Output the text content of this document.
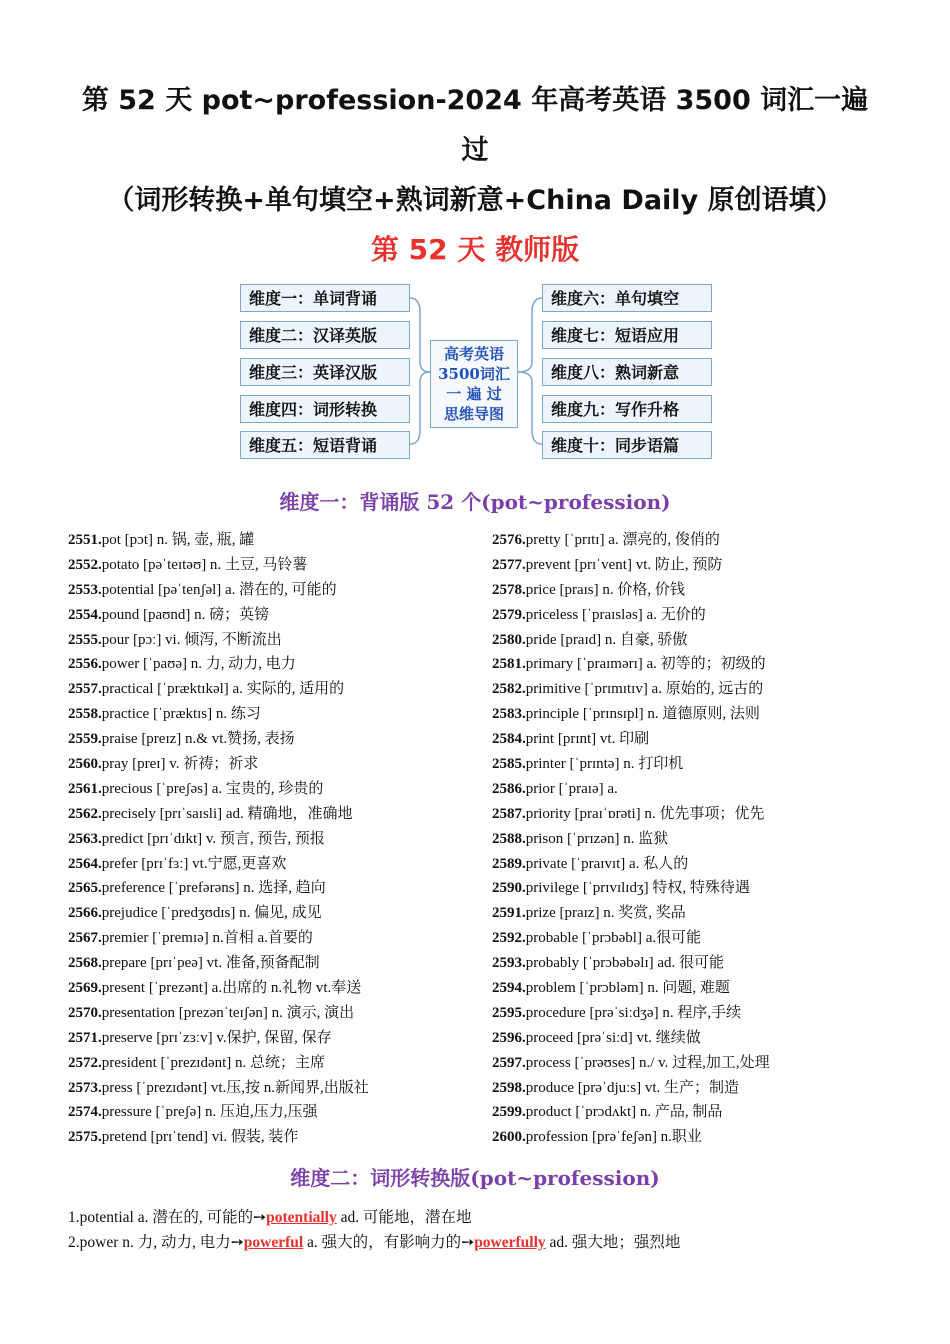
第 52 天 pot~profession-2024 年高考英语 3500 词汇一遍
过
（词形转换+单句填空+熟词新意+China Daily 原创语填）
第 52 天 教师版
维度一：单词背诵
维度二：汉译英版
维度三：英译汉版
维度四：词形转换
维度五：短语背诵
高考英语
3500词汇
一 遍 过
思维导图
维度六：单句填空
维度七：短语应用
维度八：熟词新意
维度九：写作升格
维度十：同步语篇
维度一：背诵版 52 个(pot~profession)
2551.pot [pɔt] n. 锅, 壶, 瓶, 罐
2552.potato [pəˈteɪtəʊ] n. 土豆, 马铃薯
2553.potential [pəˈtenʃəl] a. 潜在的, 可能的
2554.pound [paʊnd] n. 磅；英镑
2555.pour [pɔː] vi. 倾泻, 不断流出
2556.power [ˈpaʊə] n. 力, 动力, 电力
2557.practical [ˈpræktɪkəl] a. 实际的, 适用的
2558.practice [ˈpræktɪs] n. 练习
2559.praise [preɪz] n.& vt.赞扬, 表扬
2560.pray [preɪ] v. 祈祷；祈求
2561.precious [ˈpreʃəs] a. 宝贵的, 珍贵的
2562.precisely [prɪˈsaɪsli] ad. 精确地，准确地
2563.predict [prɪˈdɪkt] v. 预言, 预告, 预报
2564.prefer [prɪˈfɜː] vt.宁愿,更喜欢
2565.preference [ˈprefərəns] n. 选择, 趋向
2566.prejudice [ˈpredʒʊdɪs] n. 偏见, 成见
2567.premier [ˈpremɪə] n.首相 a.首要的
2568.prepare [prɪˈpeə] vt. 准备,预备配制
2569.present [ˈprezənt] a.出席的 n.礼物 vt.奉送
2570.presentation [prezənˈteɪʃən] n. 演示, 演出
2571.preserve [prɪˈzɜːv] v.保护, 保留, 保存
2572.president [ˈprezɪdənt] n. 总统；主席
2573.press [ˈprezɪdənt] vt.压,按 n.新闻界,出版社
2574.pressure [ˈpreʃə] n. 压迫,压力,压强
2575.pretend [prɪˈtend] vi. 假装, 装作
2576.pretty [ˈprɪtɪ] a. 漂亮的, 俊俏的
2577.prevent [prɪˈvent] vt. 防止, 预防
2578.price [praɪs] n. 价格, 价钱
2579.priceless [ˈpraɪsləs] a. 无价的
2580.pride [praɪd] n. 自豪, 骄傲
2581.primary [ˈpraɪmərɪ] a. 初等的；初级的
2582.primitive [ˈprɪmɪtɪv] a. 原始的, 远古的
2583.principle [ˈprɪnsɪpl] n. 道德原则, 法则
2584.print [prɪnt] vt. 印刷
2585.printer [ˈprɪntə] n. 打印机
2586.prior [ˈpraɪə] a.
2587.priority [praɪˈɒrəti] n. 优先事项；优先
2588.prison [ˈprɪzən] n. 监狱
2589.private [ˈpraɪvɪt] a. 私人的
2590.privilege [ˈprɪvɪlɪdʒ] 特权, 特殊待遇
2591.prize [praɪz] n. 奖赏, 奖品
2592.probable [ˈprɔbəbl] a.很可能
2593.probably [ˈprɔbəbəlɪ] ad. 很可能
2594.problem [ˈprɔbləm] n. 问题, 难题
2595.procedure [prəˈsiːdʒə] n. 程序,手续
2596.proceed [prəˈsiːd] vt. 继续做
2597.process [ˈprəʊses] n./ v. 过程,加工,处理
2598.produce [prəˈdjuːs] vt. 生产；制造
2599.product [ˈprɔdʌkt] n. 产品, 制品
2600.profession [prəˈfeʃən] n.职业
维度二：词形转换版(pot~profession)
1.potential a. 潜在的, 可能的➙potentially ad. 可能地，潜在地
2.power n. 力, 动力, 电力➙powerful a. 强大的，有影响力的➙powerfully ad. 强大地；强烈地
